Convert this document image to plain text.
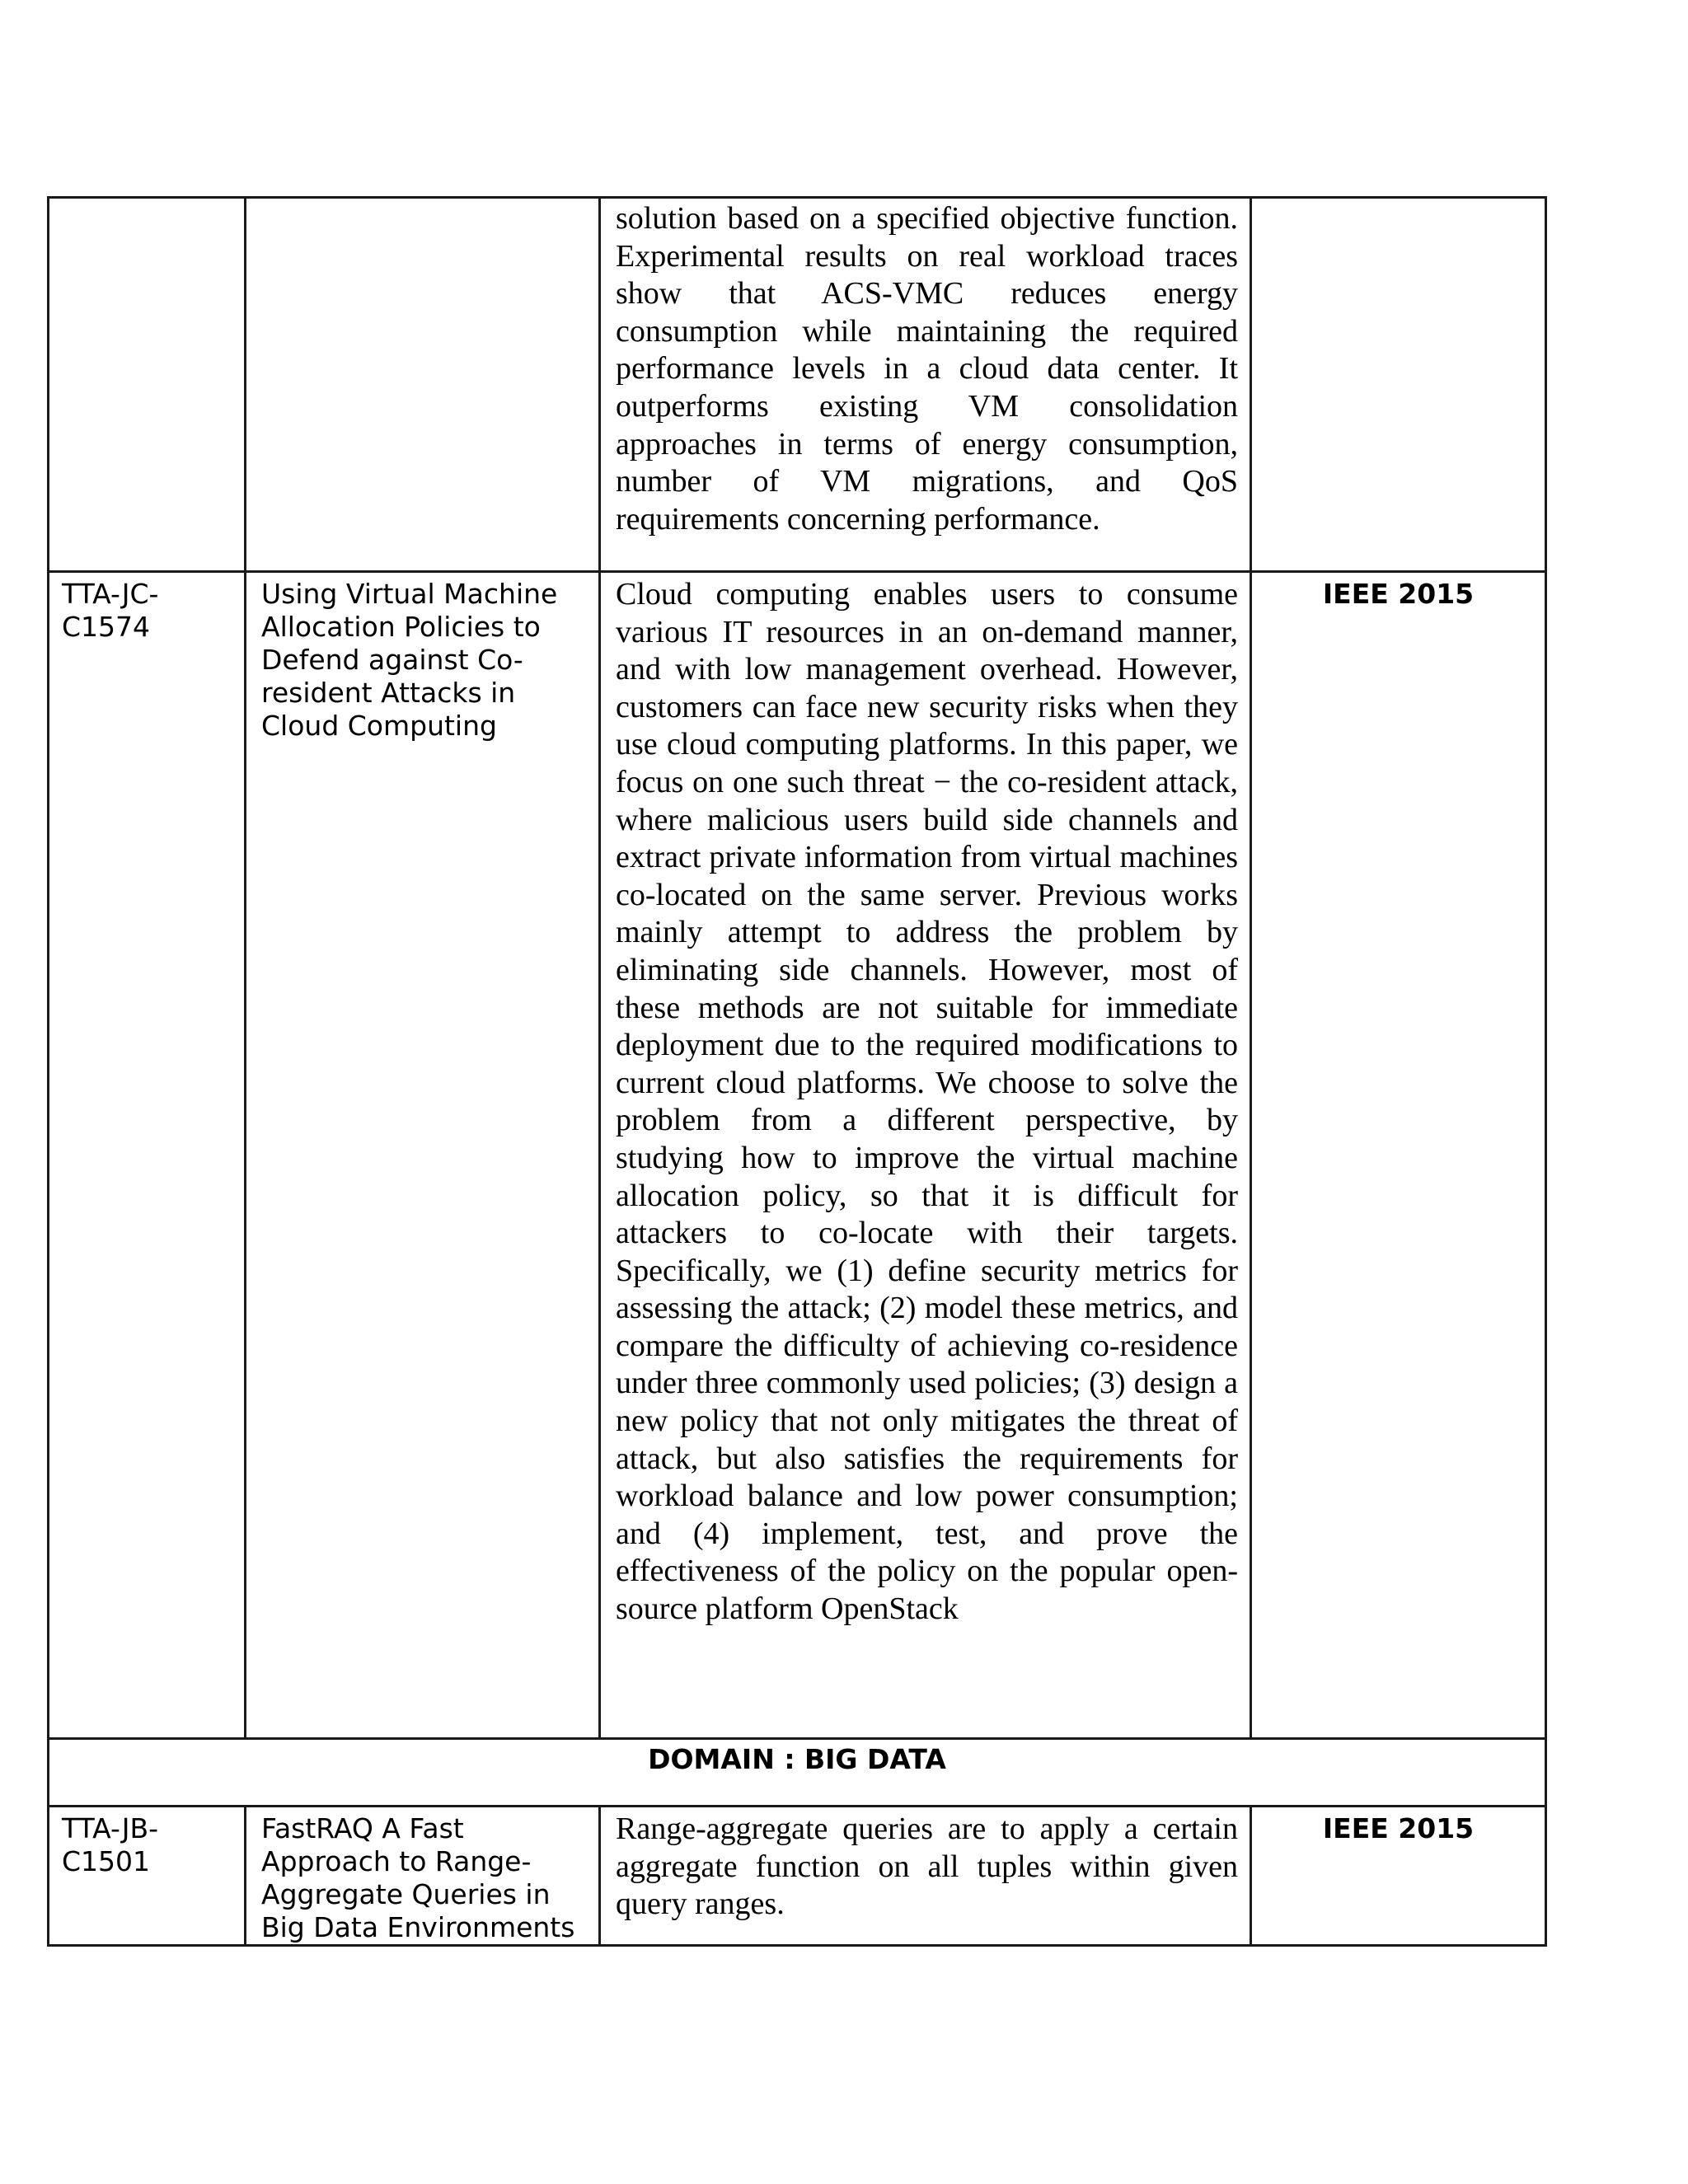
		solution based on a specified objective function. Experimental results on real workload traces show that ACS-VMC reduces energy consumption while maintaining the required performance levels in a cloud data center. It outperforms existing VM consolidation approaches in terms of energy consumption, number of VM migrations, and QoS requirements concerning performance.	

TTA-JC-C1574	Using Virtual Machine Allocation Policies to Defend against Co-resident Attacks in Cloud Computing	Cloud computing enables users to consume various IT resources in an on-demand manner, and with low management overhead. However, customers can face new security risks when they use cloud computing platforms. In this paper, we focus on one such threat − the co-resident attack, where malicious users build side channels and extract private information from virtual machines co-located on the same server. Previous works mainly attempt to address the problem by eliminating side channels. However, most of these methods are not suitable for immediate deployment due to the required modifications to current cloud platforms. We choose to solve the problem from a different perspective, by studying how to improve the virtual machine allocation policy, so that it is difficult for attackers to co-locate with their targets. Specifically, we (1) define security metrics for assessing the attack; (2) model these metrics, and compare the difficulty of achieving co-residence under three commonly used policies; (3) design a new policy that not only mitigates the threat of attack, but also satisfies the requirements for workload balance and low power consumption; and (4) implement, test, and prove the effectiveness of the policy on the popular open-source platform OpenStack	IEEE 2015

DOMAIN : BIG DATA			

TTA-JB-C1501	FastRAQ A Fast Approach to Range-Aggregate Queries in Big Data Environments	Range-aggregate queries are to apply a certain aggregate function on all tuples within given query ranges.	IEEE 2015
